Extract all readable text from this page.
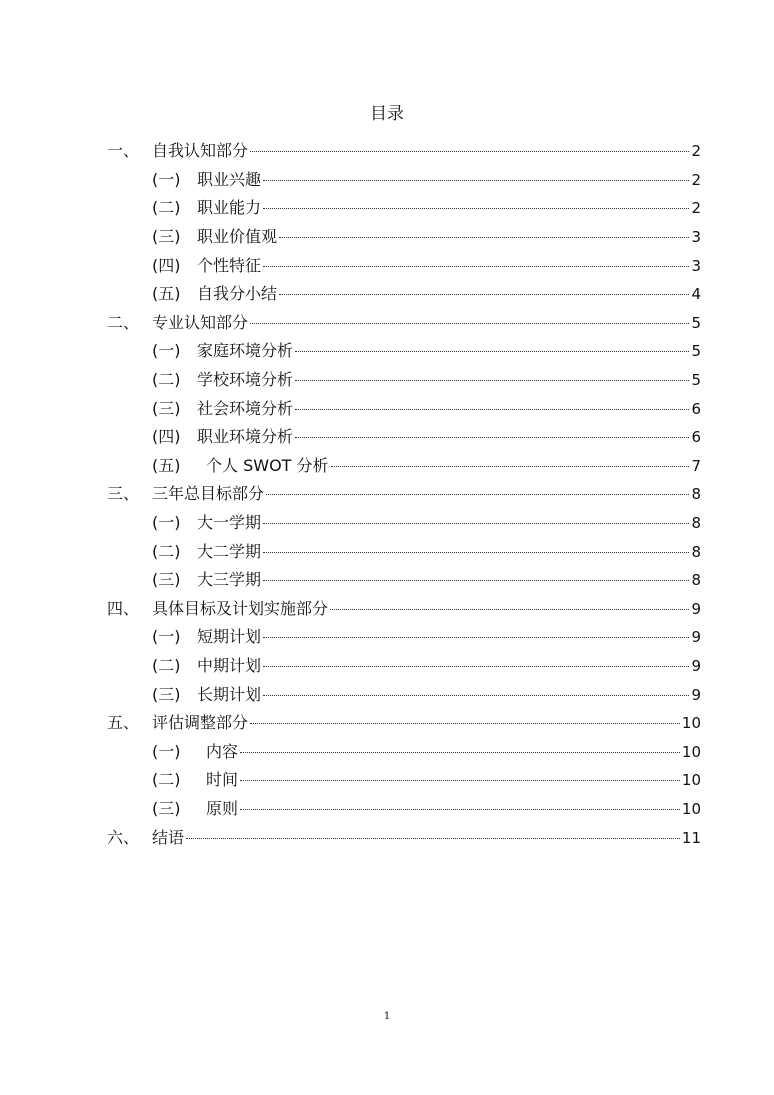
目录
一、 自我认知部分	2
(一) 职业兴趣	2
(二) 职业能力	2
(三) 职业价值观	3
(四) 个性特征	3
(五) 自我分小结	4
二、 专业认知部分	5
(一) 家庭环境分析	5
(二) 学校环境分析	5
(三) 社会环境分析	6
(四) 职业环境分析	6
(五) 个人 SWOT 分析	7
三、 三年总目标部分	8
(一) 大一学期	8
(二) 大二学期	8
(三) 大三学期	8
四、 具体目标及计划实施部分	9
(一) 短期计划	9
(二) 中期计划	9
(三) 长期计划	9
五、 评估调整部分	10
(一) 内容	10
(二) 时间	10
(三) 原则	10
六、 结语	11
1
